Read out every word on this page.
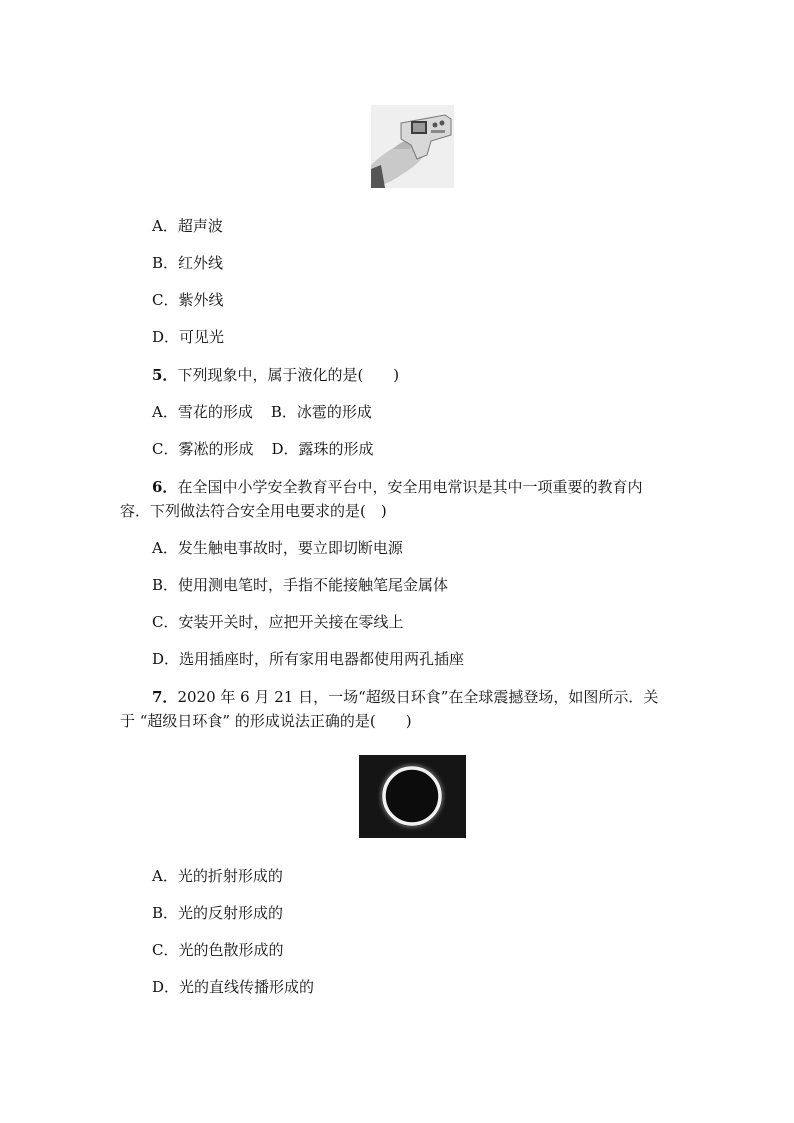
A．超声波
B．红外线
C．紫外线
D．可见光
5．下列现象中，属于液化的是(　　)
A．雪花的形成 B．冰雹的形成
C．雾凇的形成 D．露珠的形成
6．在全国中小学安全教育平台中，安全用电常识是其中一项重要的教育内
容．下列做法符合安全用电要求的是(　)
A．发生触电事故时，要立即切断电源
B．使用测电笔时，手指不能接触笔尾金属体
C．安装开关时，应把开关接在零线上
D．选用插座时，所有家用电器都使用两孔插座
7．2020 年 6 月 21 日，一场“超级日环食”在全球震撼登场，如图所示．关
于 “超级日环食” 的形成说法正确的是(　　)
A．光的折射形成的
B．光的反射形成的
C．光的色散形成的
D．光的直线传播形成的
